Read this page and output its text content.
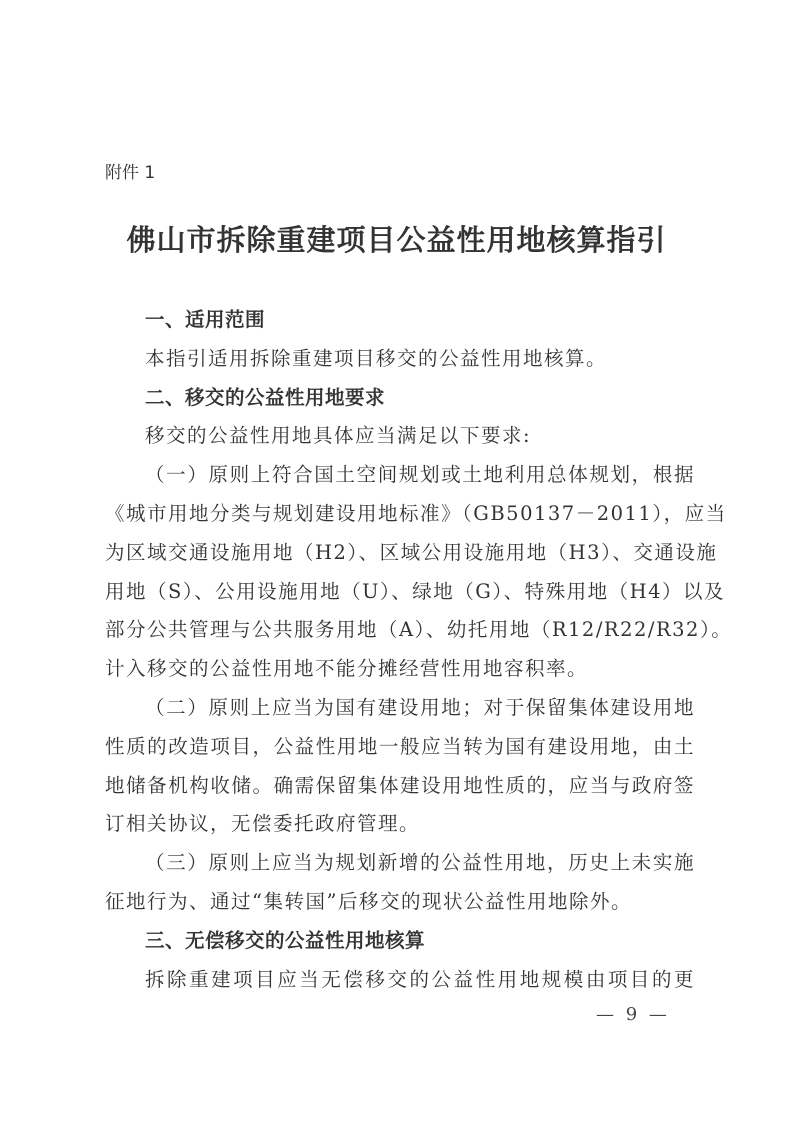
附件 1
佛山市拆除重建项目公益性用地核算指引
一、适用范围
本指引适用拆除重建项目移交的公益性用地核算。
二、移交的公益性用地要求
移交的公益性用地具体应当满足以下要求:
（一）原则上符合国土空间规划或土地利用总体规划，根据
《城市用地分类与规划建设用地标准》（GB50137－2011），应当
为区域交通设施用地（H2）、区域公用设施用地（H3）、交通设施
用地（S）、公用设施用地（U）、绿地（G）、特殊用地（H4）以及
部分公共管理与公共服务用地（A）、幼托用地（R12/R22/R32）。
计入移交的公益性用地不能分摊经营性用地容积率。
（二）原则上应当为国有建设用地；对于保留集体建设用地
性质的改造项目，公益性用地一般应当转为国有建设用地，由土
地储备机构收储。确需保留集体建设用地性质的，应当与政府签
订相关协议，无偿委托政府管理。
（三）原则上应当为规划新增的公益性用地，历史上未实施
征地行为、通过“集转国”后移交的现状公益性用地除外。
三、无偿移交的公益性用地核算
拆除重建项目应当无偿移交的公益性用地规模由项目的更
— 9 —
